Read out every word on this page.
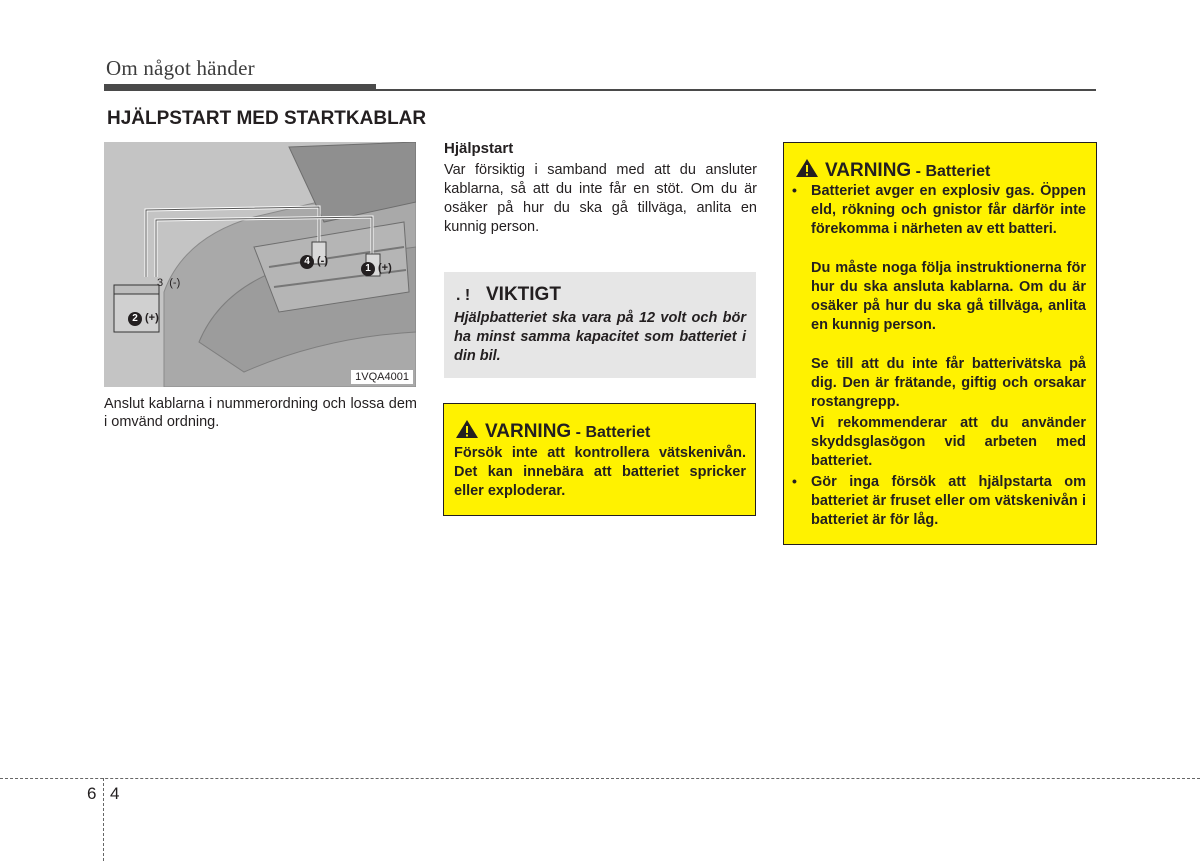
Om något händer
HJÄLPSTART MED STARTKABLAR
4 (-)
1 (+)
3 (-)
2 (+)
1VQA4001
Anslut kablarna i nummerordning och lossa dem i omvänd ordning.
Hjälpstart
Var försiktig i samband med att du ansluter kablarna, så att du inte får en stöt. Om du är osäker på hur du ska gå tillväga, anlita en kunnig person.
. ! VIKTIGT
Hjälpbatteriet ska vara på 12 volt och bör ha minst samma kapacitet som batteriet i din bil.
VARNING - Batteriet
Försök inte att kontrollera vätskenivån. Det kan innebära att batteriet spricker eller exploderar.
VARNING - Batteriet
• Batteriet avger en explosiv gas. Öppen eld, rökning och gnistor får därför inte förekomma i närheten av ett batteri.
Du måste noga följa instruktionerna för hur du ska ansluta kablarna. Om du är osäker på hur du ska gå tillväga, anlita en kunnig person.
Se till att du inte får batterivätska på dig. Den är frätande, giftig och orsakar rostangrepp.
Vi rekommenderar att du använder skyddsglasögon vid arbeten med batteriet.
• Gör inga försök att hjälpstarta om batteriet är fruset eller om vätskenivån i batteriet är för låg.
6 4
